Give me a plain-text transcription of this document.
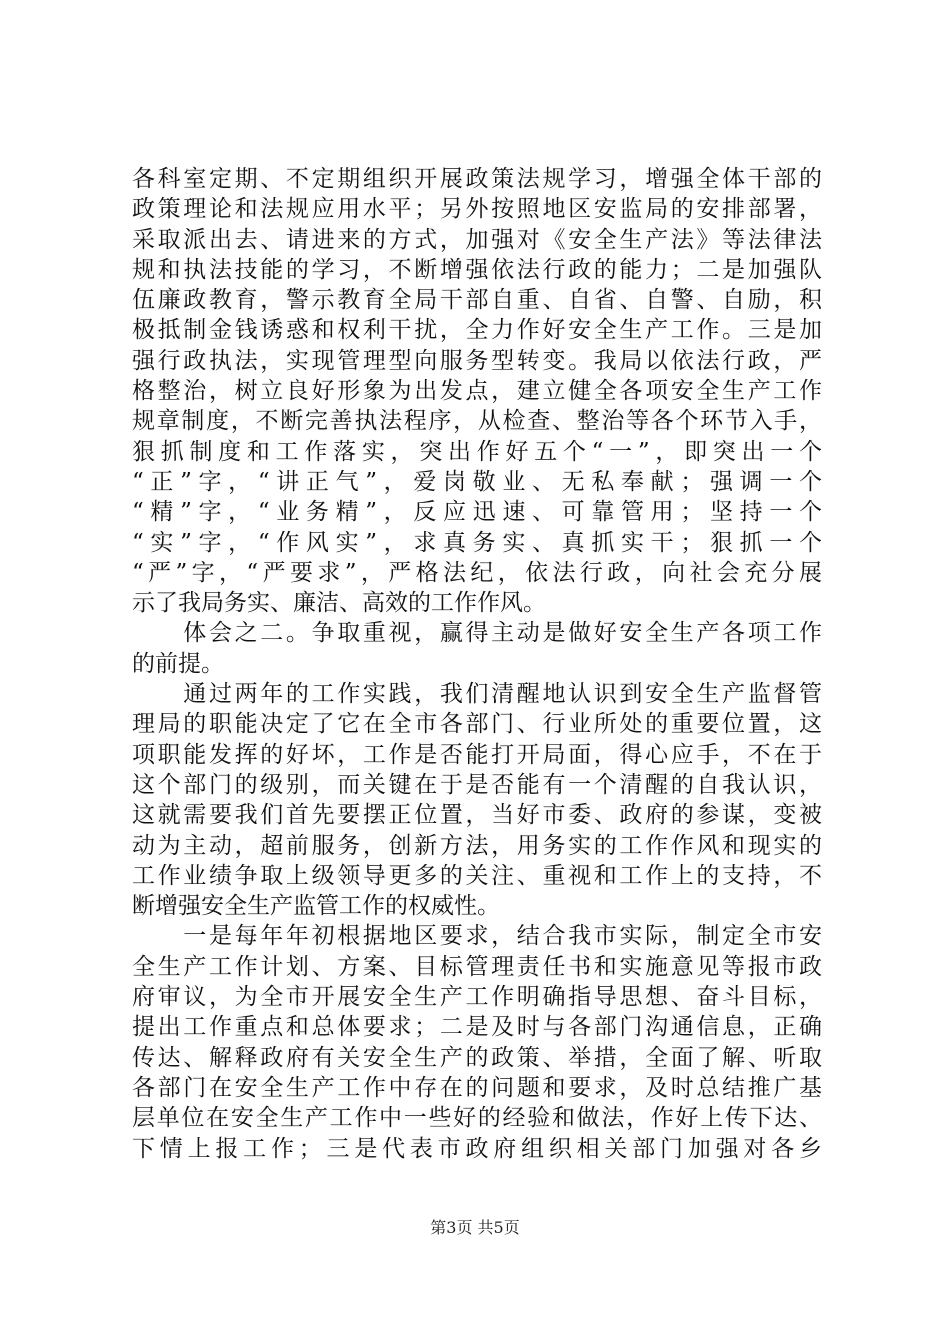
各科室定期、不定期组织开展政策法规学习，增强全体干部的
政策理论和法规应用水平；另外按照地区安监局的安排部署，
采取派出去、请进来的方式，加强对《安全生产法》等法律法
规和执法技能的学习，不断增强依法行政的能力；二是加强队
伍廉政教育，警示教育全局干部自重、自省、自警、自励，积
极抵制金钱诱惑和权利干扰，全力作好安全生产工作。三是加
强行政执法，实现管理型向服务型转变。我局以依法行政，严
格整治，树立良好形象为出发点，建立健全各项安全生产工作
规章制度，不断完善执法程序，从检查、整治等各个环节入手，
狠抓制度和工作落实，突出作好五个“一”，即突出一个
“正”字，“讲正气”，爱岗敬业、无私奉献；强调一个
“精”字，“业务精”，反应迅速、可靠管用；坚持一个
“实”字，“作风实”，求真务实、真抓实干；狠抓一个
“严”字，“严要求”，严格法纪，依法行政，向社会充分展
示了我局务实、廉洁、高效的工作作风。
　　体会之二。争取重视，赢得主动是做好安全生产各项工作
的前提。
　　通过两年的工作实践，我们清醒地认识到安全生产监督管
理局的职能决定了它在全市各部门、行业所处的重要位置，这
项职能发挥的好坏，工作是否能打开局面，得心应手，不在于
这个部门的级别，而关键在于是否能有一个清醒的自我认识，
这就需要我们首先要摆正位置，当好市委、政府的参谋，变被
动为主动，超前服务，创新方法，用务实的工作作风和现实的
工作业绩争取上级领导更多的关注、重视和工作上的支持，不
断增强安全生产监管工作的权威性。
　　一是每年年初根据地区要求，结合我市实际，制定全市安
全生产工作计划、方案、目标管理责任书和实施意见等报市政
府审议，为全市开展安全生产工作明确指导思想、奋斗目标，
提出工作重点和总体要求；二是及时与各部门沟通信息，正确
传达、解释政府有关安全生产的政策、举措，全面了解、听取
各部门在安全生产工作中存在的问题和要求，及时总结推广基
层单位在安全生产工作中一些好的经验和做法，作好上传下达、
下情上报工作；三是代表市政府组织相关部门加强对各乡
第3页 共5页
